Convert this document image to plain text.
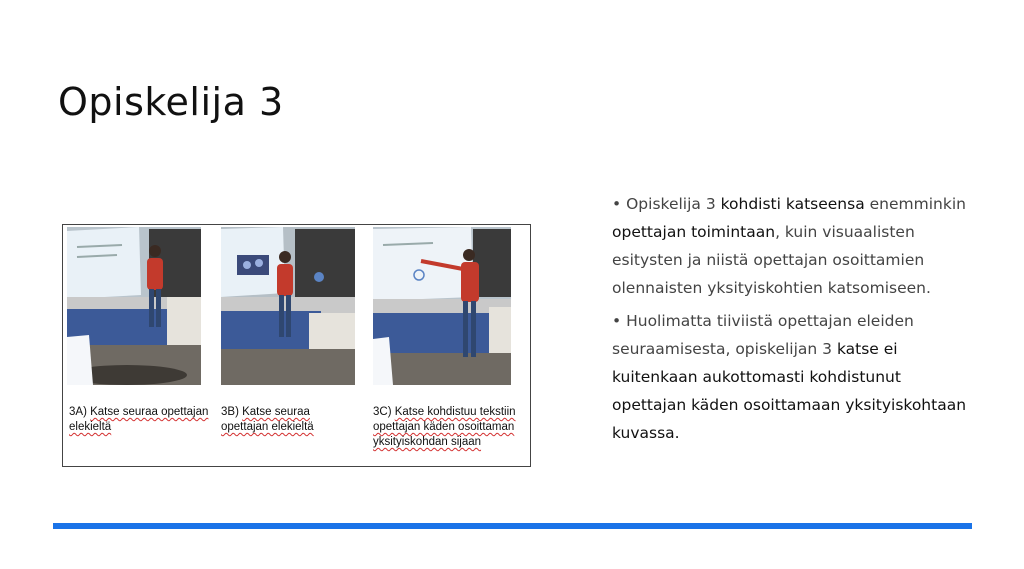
Opiskelija 3
3A) Katse seuraa opettajan elekieltä
3B) Katse seuraa opettajan elekieltä
3C) Katse kohdistuu tekstiin opettajan käden osoittaman yksityiskohdan sijaan

• Opiskelija 3 kohdisti katseensa enemminkin opettajan toimintaan, kuin visuaalisten esitysten ja niistä opettajan osoittamien olennaisten yksityiskohtien katsomiseen.

• Huolimatta tiiviistä opettajan eleiden seuraamisesta, opiskelijan 3 katse ei kuitenkaan aukottomasti kohdistunut opettajan käden osoittamaan yksityiskohtaan kuvassa.
